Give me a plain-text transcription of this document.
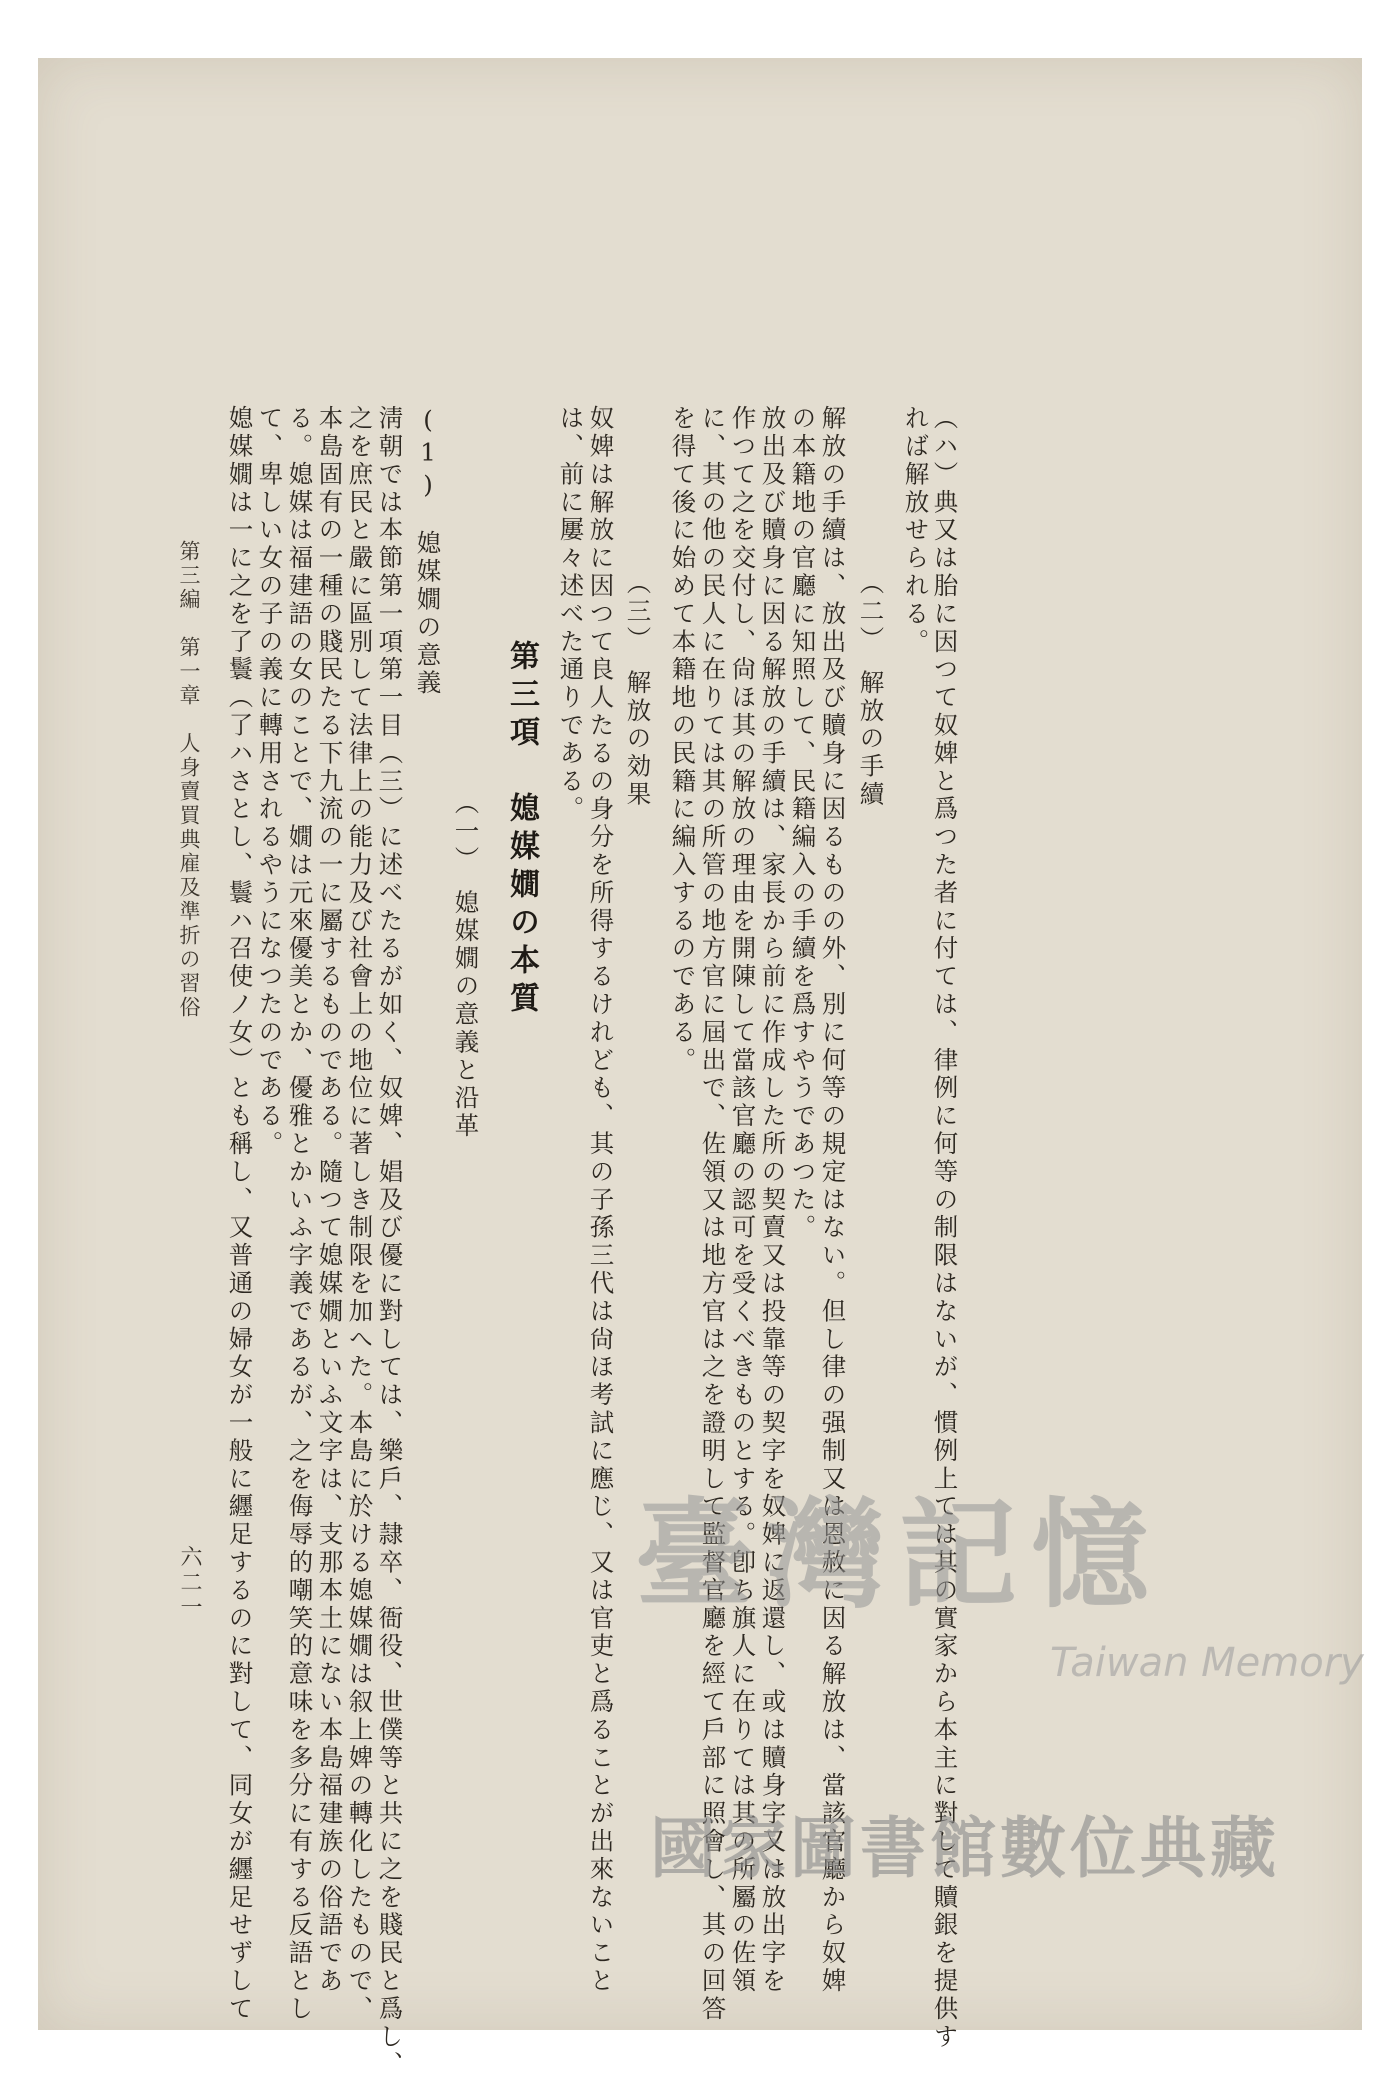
（ハ）典又は胎に因つて奴婢と爲つた者に付ては、律例に何等の制限はないが、慣例上ては其の實家から本主に對して贖銀を提供す
れば解放せられる。
（二）　解放の手續
解放の手續は、放出及び贖身に因るものの外、別に何等の規定はない。但し律の强制又は恩赦に因る解放は、當該官廳から奴婢
の本籍地の官廳に知照して、民籍編入の手續を爲すやうであつた。
放出及び贖身に因る解放の手續は、家長から前に作成した所の契賣又は投靠等の契字を奴婢に返還し、或は贖身字又は放出字を
作つて之を交付し、尙ほ其の解放の理由を開陳して當該官廳の認可を受くべきものとする。卽ち旗人に在りては其の所屬の佐領
に、其の他の民人に在りては其の所管の地方官に屆出で、佐領又は地方官は之を證明して監督官廳を經て戶部に照會し、其の回答
を得て後に始めて本籍地の民籍に編入するのである。
（三）　解放の効果
奴婢は解放に因つて良人たるの身分を所得するけれども、其の子孫三代は尙ほ考試に應じ、又は官吏と爲ることが出來ないこと
は、前に屢々述べた通りである。
第三項　媳媒嫺の本質
（一）　媳媒嫺の意義と沿革
(1)　媳媒嫺の意義
淸朝では本節第一項第一目（三）に述べたるが如く、奴婢、娼及び優に對しては、樂戶、隷卒、衙役、世僕等と共に之を賤民と爲し、
之を庶民と嚴に區別して法律上の能力及び社會上の地位に著しき制限を加へた。本島に於ける媳媒嫺は叙上婢の轉化したもので、
本島固有の一種の賤民たる下九流の一に屬するものである。隨つて媳媒嫺といふ文字は、支那本土にない本島福建族の俗語であ
る。媳媒は福建語の女のことで、嫺は元來優美とか、優雅とかいふ字義であるが、之を侮辱的嘲笑的意味を多分に有する反語とし
て、卑しい女の子の義に轉用されるやうになつたのである。
媳媒嫺は一に之を了鬟（了ハさとし、鬟ハ召使ノ女）とも稱し、又普通の婦女が一般に纒足するのに對して、同女が纒足せずして
第三編　第一章　人身賣買典雇及準折の習俗
六二一	臺灣記憶
Taiwan Memory
國家圖書館數位典藏
